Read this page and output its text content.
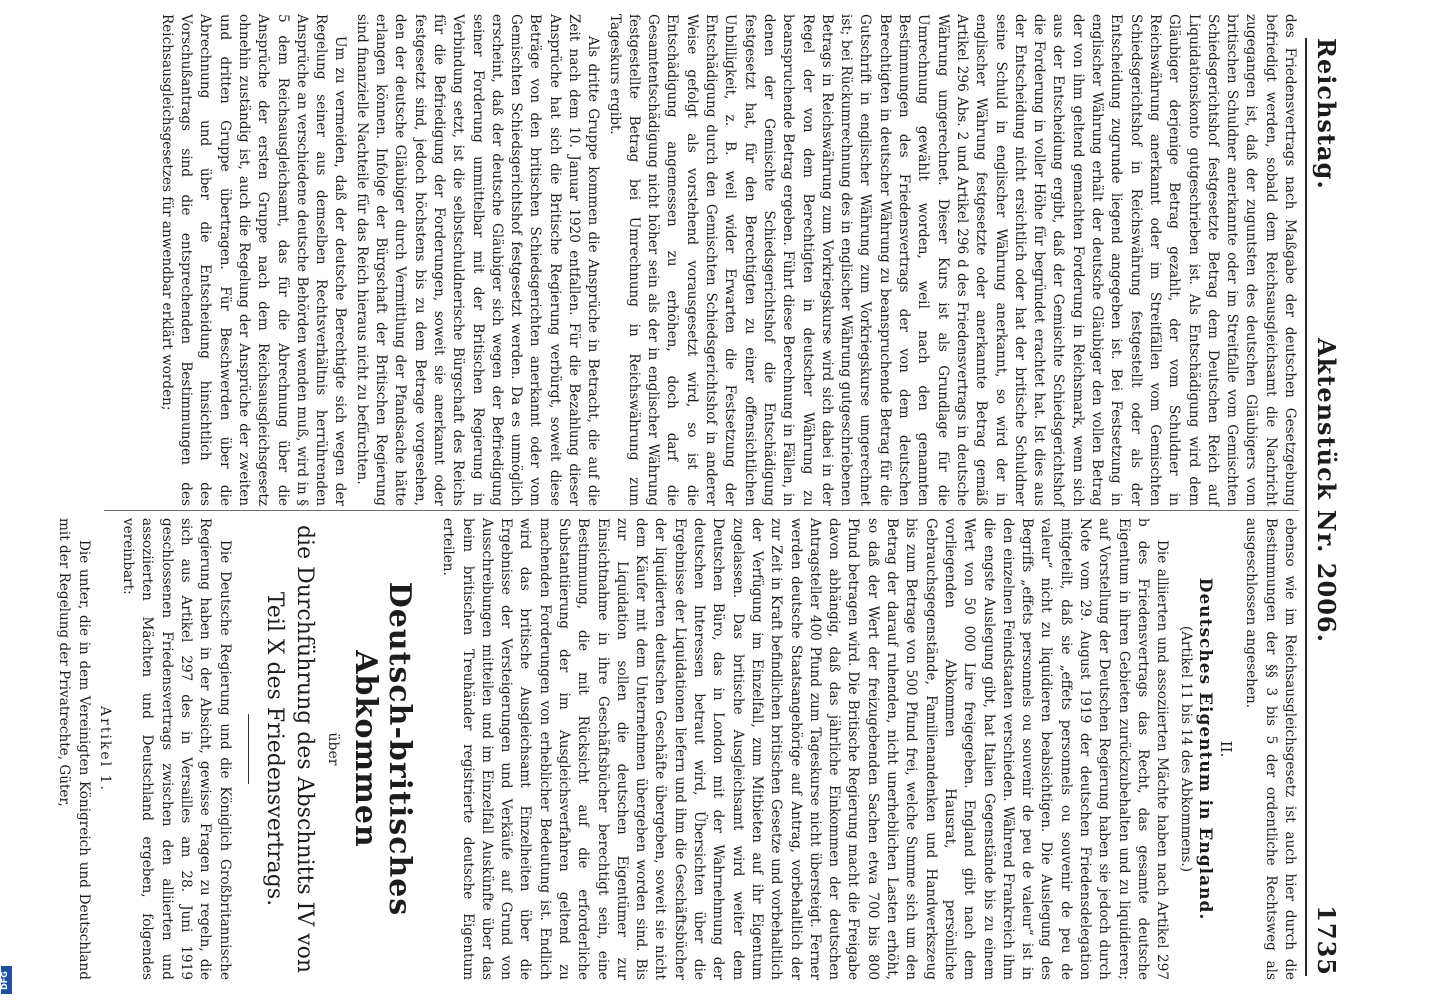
Reichstag.
1735
Aktenstück Nr. 2006.

des Friedensvertrags nach Maßgabe der deutschen Gesetzgebung befriedigt werden, sobald dem Reichsausgleichsamt die Nachricht zugegangen ist, daß der zuguntsten des deutschen Gläubigers vom britischen Schuldner anerkannte oder im Streitfalle vom Gemischten Schiedsgerichtshof festgesetzte Betrag dem Deutschen Reich auf Liquidationskonto gutgeschrieben ist. Als Entschädigung wird dem Gläubiger derjenige Betrag gezahlt, der vom Schuldner in Reichswährung anerkannt oder im Streitfällen vom Gemischten Schiedsgerichtshof in Reichswährung festgestellt oder als der Entscheidung zugrunde liegend angegeben ist. Bei Festsetzung in englischer Währung erhält der deutsche Gläubiger den vollen Betrag der von ihm geltend gemachten Forderung in Reichsmark, wenn sich aus der Entscheidung ergibt, daß der Gemischte Schiedsgerichtshof die Forderung in voller Höhe für begründet erachtet hat. Ist dies aus der Entscheidung nicht ersichtlich oder hat der britische Schuldner seine Schuld in englischer Währung anerkannt, so wird der in englischer Währung festgesetzte oder anerkannte Betrag gemäß Artikel 296 Abs. 2 und Artikel 296 d des Friedensvertrags in deutsche Währung umgerechnet. Dieser Kurs ist als Grundlage für die Umrechnung gewählt worden, weil nach den genannten Bestimmungen des Friedensvertrags der von dem deutschen Berechtigten in deutscher Währung zu beanspruchende Betrag für die Gutschrift in englischer Währung zum Vorkriegskurse umgerechnet ist; bei Rückumrechnung des in englischer Währung gutgeschriebenen Betrags in Reichswährung zum Vorkriegskurse wird sich dabei in der Regel der von dem Berechtigten in deutscher Währung zu beanspruchende Betrag ergeben. Führt diese Berechnung in Fällen, in denen der Gemischte Schiedsgerichtshof die Entschädigung festgesetzt hat, für den Berechtigten zu einer offensichtlichen Unbilligkeit, z. B. weil wider Erwarten die Festsetzung der Entschädigung durch den Gemischten Schiedsgerichtshof in anderer Weise gefolgt als vorstehend vorausgesetzt wird, so ist die Entschädigung angemessen zu erhöhen, doch darf die Gesamtentschädigung nicht höher sein als der in englischer Währung festgestellte Betrag bei Umrechnung in Reichswährung zum Tageskurs ergibt.

Als dritte Gruppe kommen die Ansprüche in Betracht, die auf die Zeit nach dem 10. Januar 1920 entfallen. Für die Bezahlung dieser Ansprüche hat sich die Britische Regierung verbürgt, soweit diese Beträge von den britischen Schiedsgerichten anerkannt oder vom Gemischten Schiedsgerichtshof festgesetzt werden. Da es unmöglich erscheint, daß der deutsche Gläubiger sich wegen der Befriedigung seiner Forderung unmittelbar mit der Britischen Regierung in Verbindung setzt, ist die selbstschuldnerische Bürgschaft des Reichs für die Befriedigung der Forderungen, soweit sie anerkannt oder festgesetzt sind, jedoch höchstens bis zu dem Betrage vorgesehen, den der deutsche Gläubiger durch Vermittlung der Pfandsache hätte erlangen können. Infolge der Bürgschaft der Britischen Regierung sind finanzielle Nachteile für das Reich hieraus nicht zu befürchten.

Um zu vermeiden, daß der deutsche Berechtigte sich wegen der Regelung seiner aus demselben Rechtsverhältnis herrührenden Ansprüche an verschiedene deutsche Behörden wenden muß, wird in § 5 dem Reichsausgleichsamt, das für die Abrechnung über die Ansprüche der ersten Gruppe nach dem Reichsausgleichsgesetz ohnehin zuständig ist, auch die Regelung der Ansprüche der zweiten und dritten Gruppe übertragen. Für Beschwerden über die Abrechnung und über die Entscheidung hinsichtlich des Vorschußantrags sind die entsprechenden Bestimmungen des Reichsausgleichsgesetzes für anwendbar erklärt worden;

ebenso wie im Reichsausgleichsgesetz ist auch hier durch die Bestimmungen der §§ 3 bis 5 der ordentliche Rechtsweg als ausgeschlossen angesehen.

II.
Deutsches Eigentum in England.
(Artikel 11 bis 14 des Abkommens.)

Die alliierten und assoziierten Mächte haben nach Artikel 297 b des Friedensvertrags das Recht, das gesamte deutsche Eigentum in ihren Gebieten zurückzubehalten und zu liquidieren; auf Vorstellung der Deutschen Regierung haben sie jedoch durch Note vom 29. August 1919 der deutschen Friedensdelegation mitgeteilt, daß sie „effets personnels ou souvenir de peu de valeur“ nicht zu liquidieren beabsichtigen. Die Auslegung des Begriffs „effets personnels ou souvenir de peu de valeur“ ist in den einzelnen Feindstaaten verschieden. Während Frankreich ihm die engste Auslegung gibt, hat Italien Gegenstände bis zu einem Wert von 50 000 Lire freigegeben. England gibt nach dem vorliegenden Abkommen Hausrat, persönliche Gebrauchsgegenstände, Familienandenken und Handwerkszeug bis zum Betrage von 500 Pfund frei, welche Summe sich um den Betrag der darauf ruhenden, nicht unerheblichen Lasten erhöht, so daß der Wert der freizugebenden Sachen etwa 700 bis 800 Pfund betragen wird. Die Britische Regierung macht die Freigabe davon abhängig, daß das jährliche Einkommen der deutschen Antragsteller 400 Pfund zum Tageskurse nicht übersteigt. Ferner werden deutsche Staatsangehörige auf Antrag, vorbehaltlich der zur Zeit in Kraft befindlichen britischen Gesetze und vorbehaltlich der Verfügung im Einzelfall, zum Mitbieten auf ihr Eigentum zugelassen. Das britische Ausgleichsamt wird weiter dem Deutschen Büro, das in London mit der Wahrnehmung der deutschen Interessen betraut wird, Übersichten über die Ergebnisse der Liquidationen liefern und ihm die Geschäftsbücher der liquidierten deutschen Geschäfte übergeben, soweit sie nicht dem Käufer mit dem Unternehmen übergeben worden sind. Bis zur Liquidation sollen die deutschen Eigentümer zur Einsichtnahme in ihre Geschäftsbücher berechtigt sein, eine Bestimmung, die mit Rücksicht auf die erforderliche Substantiierung der im Ausgleichsverfahren geltend zu machenden Forderungen von erheblicher Bedeutung ist. Endlich wird das britische Ausgleichsamt Einzelheiten über die Ergebnisse der Versteigerungen und Verkäufe auf Grund von Ausschreibungen mitteilen und im Einzelfall Auskünfte über das beim britischen Treuhänder registrierte deutsche Eigentum erteilen.

Deutsch-britisches Abkommen
über
die Durchführung des Abschnitts IV von Teil X des Friedensvertrags.

Die Deutsche Regierung und die Königlich Großbritannische Regierung haben in der Absicht, gewisse Fragen zu regeln, die sich aus Artikel 297 des in Versailles am 28. Juni 1919 geschlossenen Friedensvertrags zwischen den alliierten und assoziierten Mächten und Deutschland ergeben, folgendes vereinbart:

Artikel 1.

Die unter, die in dem Vereinigten Königreich und Deutschland mit der Regelung der Privatrechte, Güter,

DFG
